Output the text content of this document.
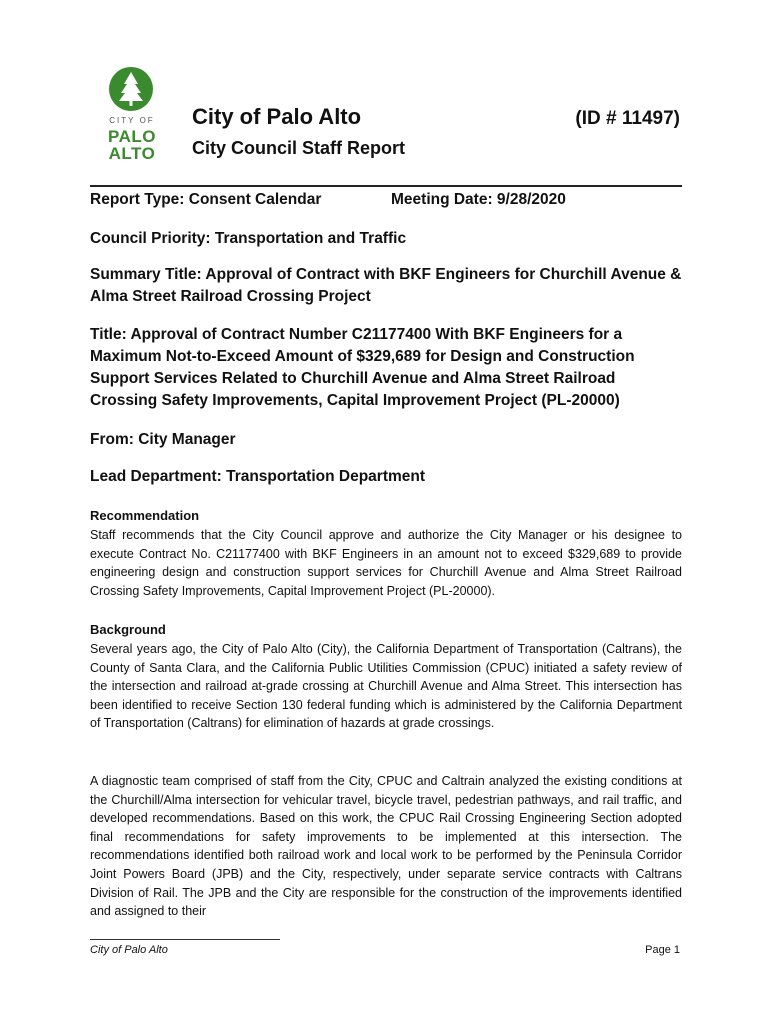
CITY OF
PALO
ALTO
City of Palo Alto	(ID # 11497)
City Council Staff Report
Report Type: Consent Calendar	Meeting Date: 9/28/2020
Council Priority: Transportation and Traffic
Summary Title: Approval of Contract with BKF Engineers for Churchill Avenue & Alma Street Railroad Crossing Project
Title: Approval of Contract Number C21177400 With BKF Engineers for a Maximum Not-to-Exceed Amount of $329,689 for Design and Construction Support Services Related to Churchill Avenue and Alma Street Railroad Crossing Safety Improvements, Capital Improvement Project (PL-20000)
From: City Manager
Lead Department: Transportation Department
Recommendation
Staff recommends that the City Council approve and authorize the City Manager or his designee to execute Contract No. C21177400 with BKF Engineers in an amount not to exceed $329,689 to provide engineering design and construction support services for Churchill Avenue and Alma Street Railroad Crossing Safety Improvements, Capital Improvement Project (PL-20000).
Background
Several years ago, the City of Palo Alto (City), the California Department of Transportation (Caltrans), the County of Santa Clara, and the California Public Utilities Commission (CPUC) initiated a safety review of the intersection and railroad at-grade crossing at Churchill Avenue and Alma Street. This intersection has been identified to receive Section 130 federal funding which is administered by the California Department of Transportation (Caltrans) for elimination of hazards at grade crossings.
A diagnostic team comprised of staff from the City, CPUC and Caltrain analyzed the existing conditions at the Churchill/Alma intersection for vehicular travel, bicycle travel, pedestrian pathways, and rail traffic, and developed recommendations. Based on this work, the CPUC Rail Crossing Engineering Section adopted final recommendations for safety improvements to be implemented at this intersection. The recommendations identified both railroad work and local work to be performed by the Peninsula Corridor Joint Powers Board (JPB) and the City, respectively, under separate service contracts with Caltrans Division of Rail. The JPB and the City are responsible for the construction of the improvements identified and assigned to their
City of Palo Alto	Page 1
